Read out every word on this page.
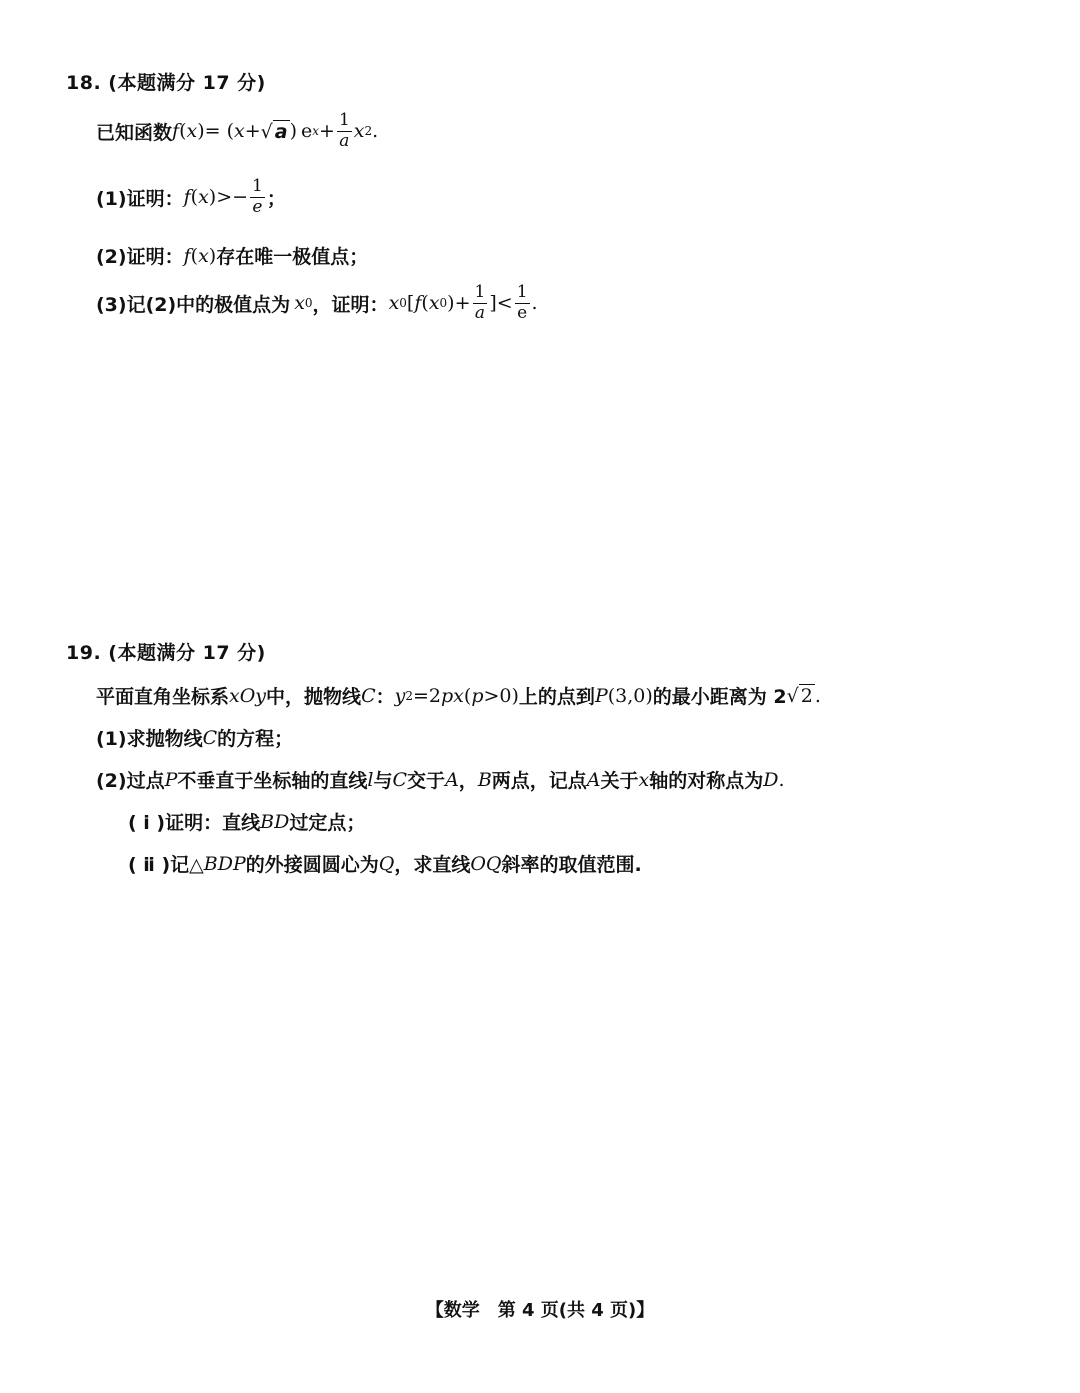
18. (本题满分 17 分)
已知函数 f ( x ) = ( x + √ a ) e $x + \frac{1}{a}$ x 2 .
(1)证明： f ( x ) >− $\frac{1}{e}$ ；
(2)证明： f ( x ) 存在唯一极值点；
(3)记(2)中的极值点为 x 0 ，证明： x 0 [ f ( x 0 ) + $\frac{1}{a}$ ] < $\frac{1}{e}$ .
19. (本题满分 17 分)
平面直角坐标系 xOy 中，抛物线 C ： y 2 =2 px ( p >0) 上的点到 P (3,0) 的最小距离为 2 √ 2 .
(1)求抛物线 C 的方程；
(2)过点 P 不垂直于坐标轴的直线 l 与 C 交于 A ， B 两点，记点 A 关于 x 轴的对称点为 D .
( ⅰ )证明：直线 BD 过定点；
( ⅱ )记△ BDP 的外接圆圆心为 Q ，求直线 OQ 斜率的取值范围.
【数学　第 4 页(共 4 页)】
